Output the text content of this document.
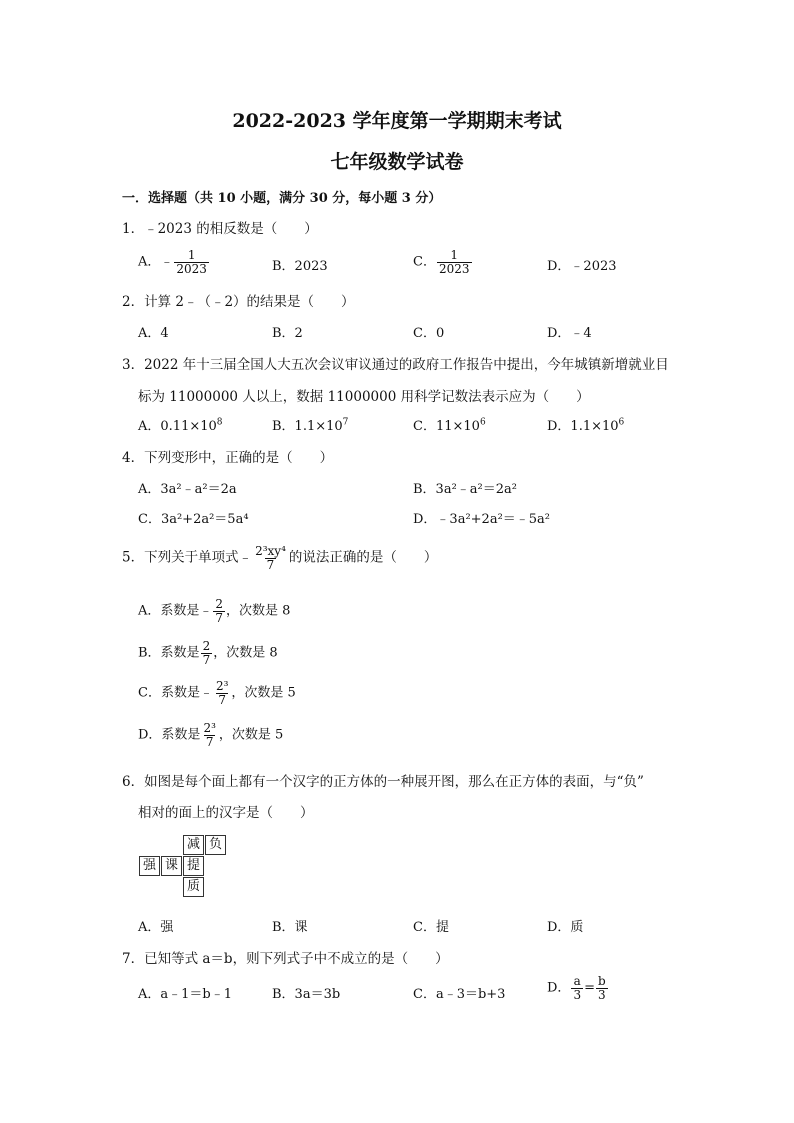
2022-2023 学年度第一学期期末考试
七年级数学试卷
一．选择题（共 10 小题，满分 30 分，每小题 3 分）
1．﹣2023 的相反数是（　　）
A．﹣ $\frac{1}{2023}$	B．2023	C． $\frac{1}{2023}$	D．﹣2023
2．计算 2﹣（﹣2）的结果是（　　）
A．4	B．2	C．0	D．﹣4
3．2022 年十三届全国人大五次会议审议通过的政府工作报告中提出，今年城镇新增就业目
标为 11000000 人以上，数据 11000000 用科学记数法表示应为（　　）
A．$0.11\times 10^8$	B．$1.1\times 10^7$	C．$11\times 10^6$	D．$1.1\times 10^6$
4．下列变形中，正确的是（　　）
A．3a²﹣a²＝2a	B．3a²﹣a²＝2a²
C．3a²+2a²＝5a⁴	D．﹣3a²+2a²＝﹣5a²
5．下列关于单项式﹣ $\frac{\text{2³xy⁴}}{7}$ 的说法正确的是（　　）
A．系数是﹣ $\frac{2}{7}$ ，次数是 8
B．系数是 $\frac{2}{7}$ ，次数是 8
C．系数是﹣ $\frac{\text{2³}}{7}$ ，次数是 5
D．系数是 $\frac{\text{2³}}{7}$ ，次数是 5
6．如图是每个面上都有一个汉字的正方体的一种展开图，那么在正方体的表面，与“负”
相对的面上的汉字是（　　）
减 负
强 课 提
质
A．强	B．课	C．提	D．质
7．已知等式 a＝b，则下列式子中不成立的是（　　）
A．a﹣1＝b﹣1	B．3a＝3b	C．a﹣3＝b+3	D． $\frac{a}{3} = \frac{b}{3}$
